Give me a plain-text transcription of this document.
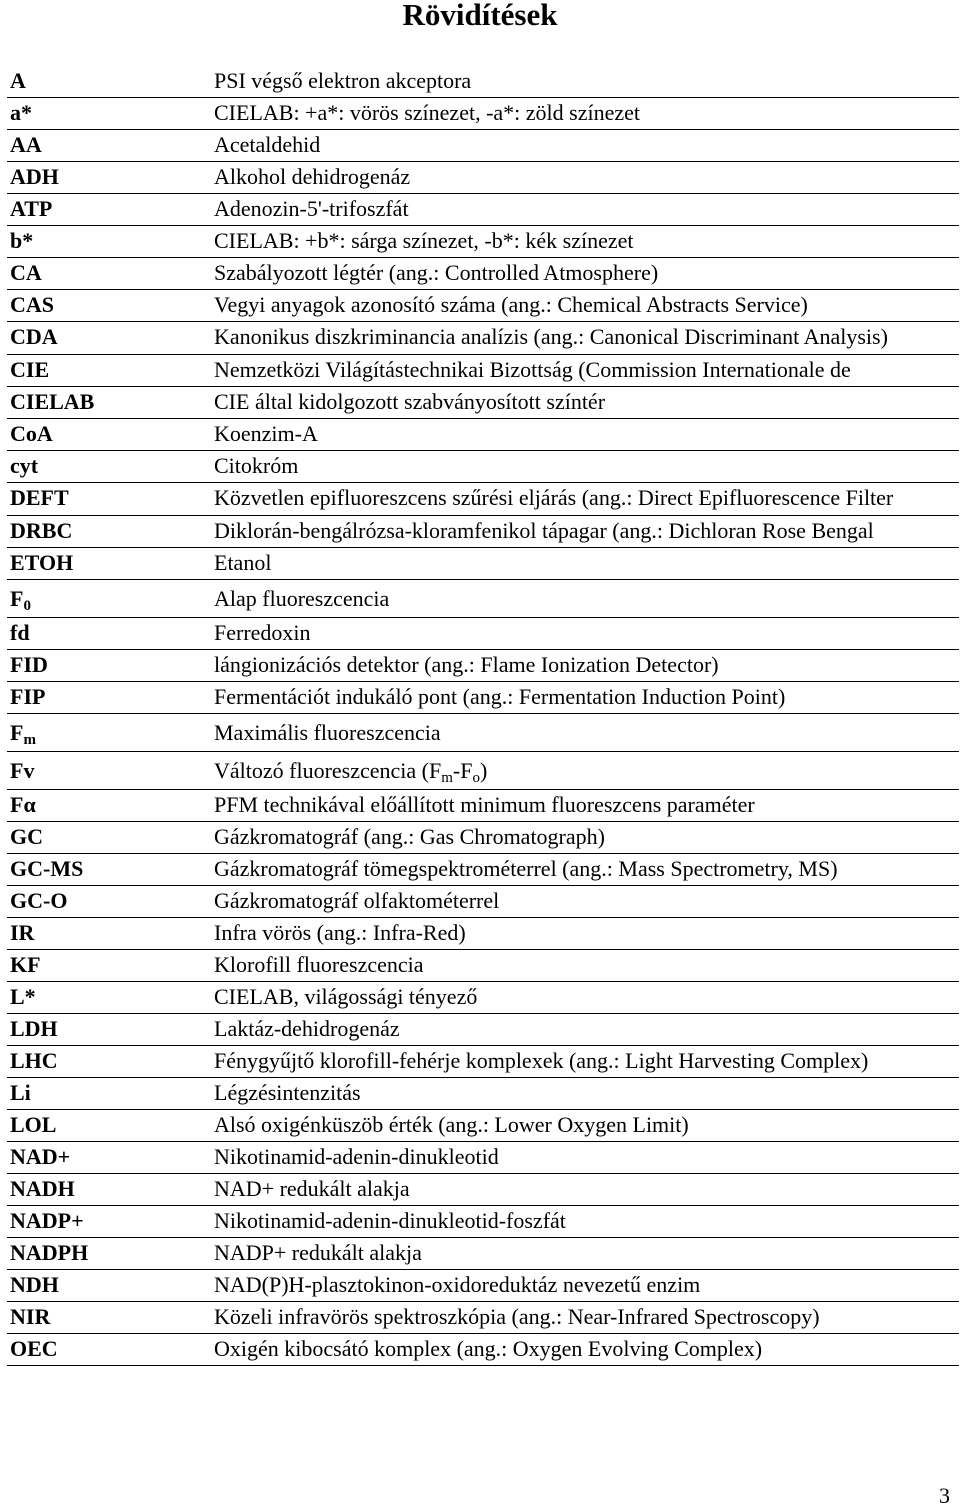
Rövidítések
A	PSI végső elektron akceptora
a*	CIELAB: +a*: vörös színezet, -a*: zöld színezet
AA	Acetaldehid
ADH	Alkohol dehidrogenáz
ATP	Adenozin-5'-trifoszfát
b*	CIELAB: +b*: sárga színezet, -b*: kék színezet
CA	Szabályozott légtér (ang.: Controlled Atmosphere)
CAS	Vegyi anyagok azonosító száma (ang.: Chemical Abstracts Service)
CDA	Kanonikus diszkriminancia analízis (ang.: Canonical Discriminant Analysis)
CIE	Nemzetközi Világítástechnikai Bizottság (Commission Internationale de
CIELAB	CIE által kidolgozott szabványosított színtér
CoA	Koenzim-A
cyt	Citokróm
DEFT	Közvetlen epifluoreszcens szűrési eljárás (ang.: Direct Epifluorescence Filter
DRBC	Diklorán-bengálrózsa-kloramfenikol tápagar (ang.: Dichloran Rose Bengal
ETOH	Etanol
$F_0$	Alap fluoreszcencia
fd	Ferredoxin
FID	lángionizációs detektor (ang.: Flame Ionization Detector)
FIP	Fermentációt indukáló pont (ang.: Fermentation Induction Point)
$F_m$	Maximális fluoreszcencia
Fv	Változó fluoreszcencia $(F_m-F_o)$
Fα	PFM technikával előállított minimum fluoreszcens paraméter
GC	Gázkromatográf (ang.: Gas Chromatograph)
GC-MS	Gázkromatográf tömegspektrométerrel (ang.: Mass Spectrometry, MS)
GC-O	Gázkromatográf olfaktométerrel
IR	Infra vörös (ang.: Infra-Red)
KF	Klorofill fluoreszcencia
L*	CIELAB, világossági tényező
LDH	Laktáz-dehidrogenáz
LHC	Fénygyűjtő klorofill-fehérje komplexek (ang.: Light Harvesting Complex)
Li	Légzésintenzitás
LOL	Alsó oxigénküszöb érték (ang.: Lower Oxygen Limit)
NAD+	Nikotinamid-adenin-dinukleotid
NADH	NAD+ redukált alakja
NADP+	Nikotinamid-adenin-dinukleotid-foszfát
NADPH	NADP+ redukált alakja
NDH	NAD(P)H-plasztokinon-oxidoreduktáz nevezetű enzim
NIR	Közeli infravörös spektroszkópia (ang.: Near-Infrared Spectroscopy)
OEC	Oxigén kibocsátó komplex (ang.: Oxygen Evolving Complex)
3
